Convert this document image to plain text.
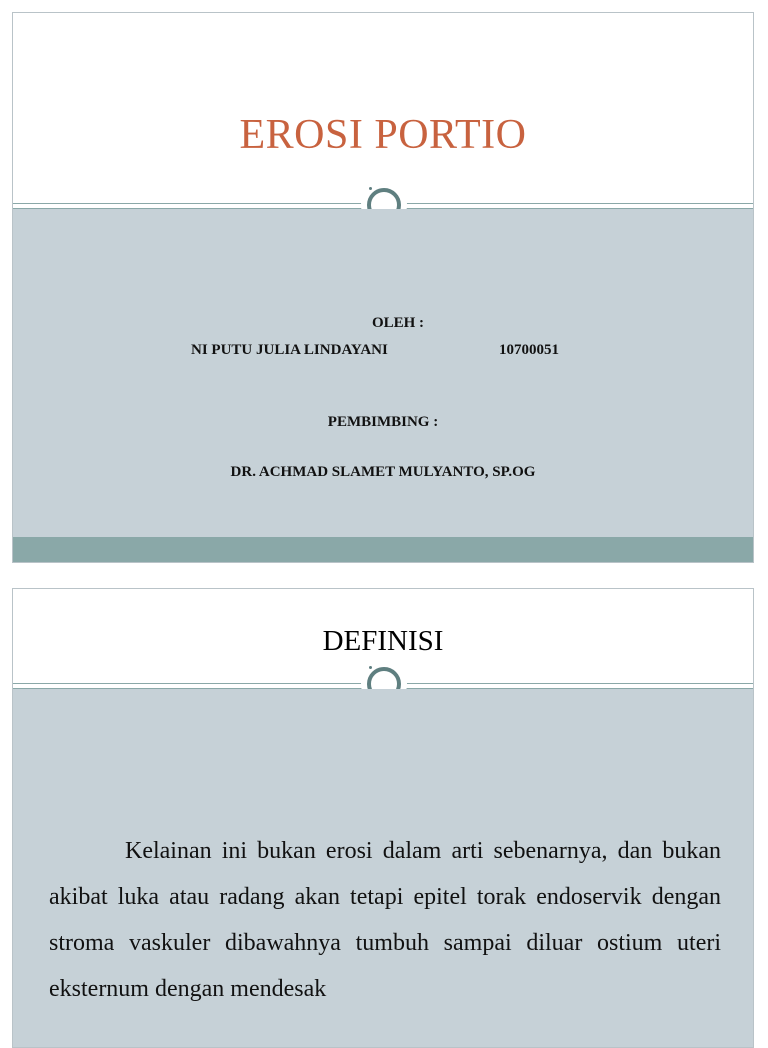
EROSI PORTIO
OLEH :
NI PUTU JULIA LINDAYANI	10700051
PEMBIMBING :
DR. ACHMAD SLAMET MULYANTO, SP.OG
DEFINISI

Kelainan ini bukan erosi dalam arti sebenarnya, dan bukan akibat luka atau radang akan tetapi epitel torak endoservik dengan stroma vaskuler dibawahnya tumbuh sampai diluar ostium uteri eksternum dengan mendesak
